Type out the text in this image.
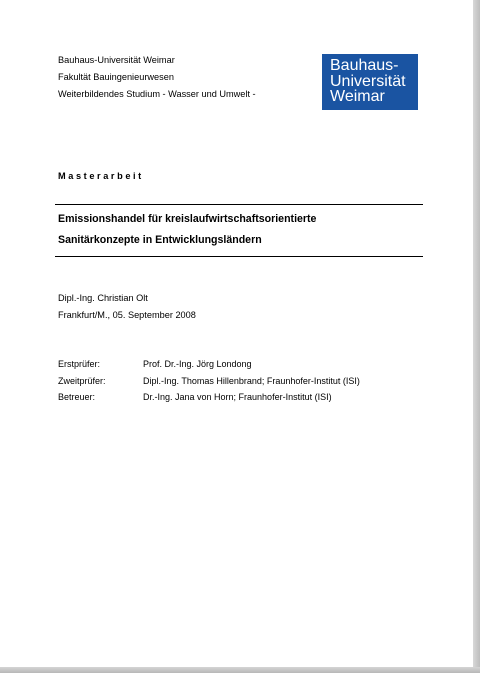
Bauhaus-Universität Weimar
Fakultät Bauingenieurwesen
Weiterbildendes Studium - Wasser und Umwelt -
Bauhaus-
Universität
Weimar
Masterarbeit
Emissionshandel für kreislaufwirtschaftsorientierte
Sanitärkonzepte in Entwicklungsländern
Dipl.-Ing. Christian Olt
Frankfurt/M., 05. September 2008
Erstprüfer:	Prof. Dr.-Ing. Jörg Londong
Zweitprüfer:	Dipl.-Ing. Thomas Hillenbrand; Fraunhofer-Institut (ISI)
Betreuer:	Dr.-Ing. Jana von Horn; Fraunhofer-Institut (ISI)
